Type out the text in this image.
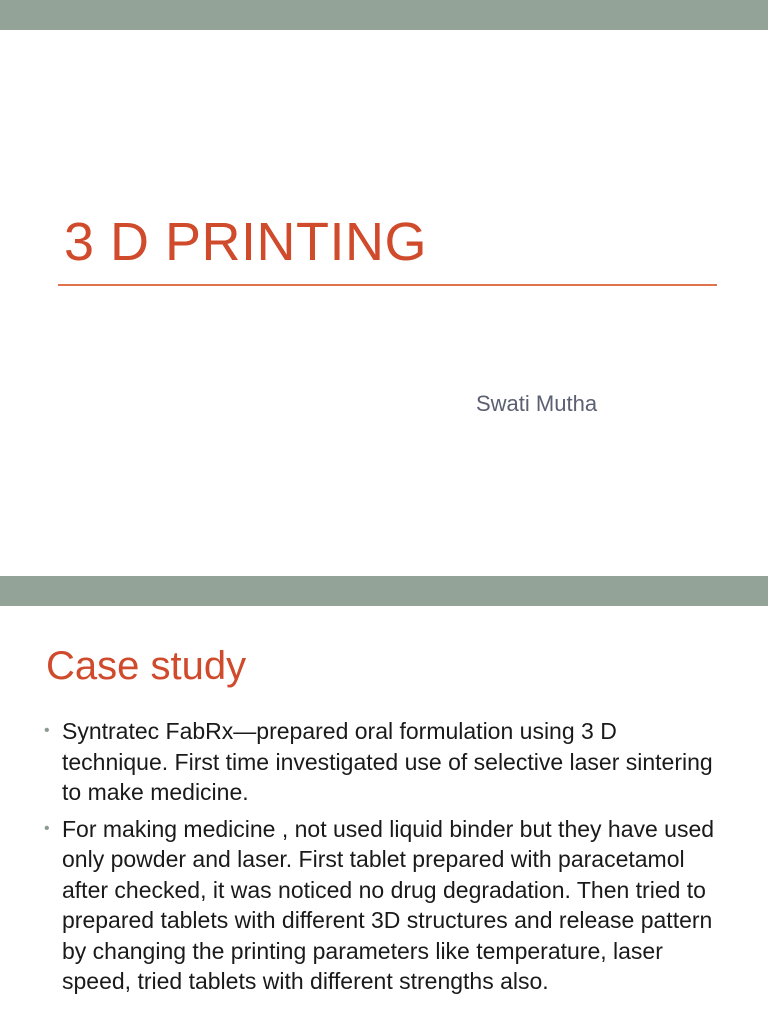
3 D PRINTING
Swati Mutha
Case study
• Syntratec FabRx—prepared oral formulation using 3 D technique. First time investigated use of selective laser sintering to make medicine.
• For making medicine , not used liquid binder but they have used only powder and laser. First tablet prepared with paracetamol after checked, it was noticed no drug degradation. Then tried to prepared tablets with different 3D structures and release pattern by changing the printing parameters like temperature, laser speed, tried tablets with different strengths also.
